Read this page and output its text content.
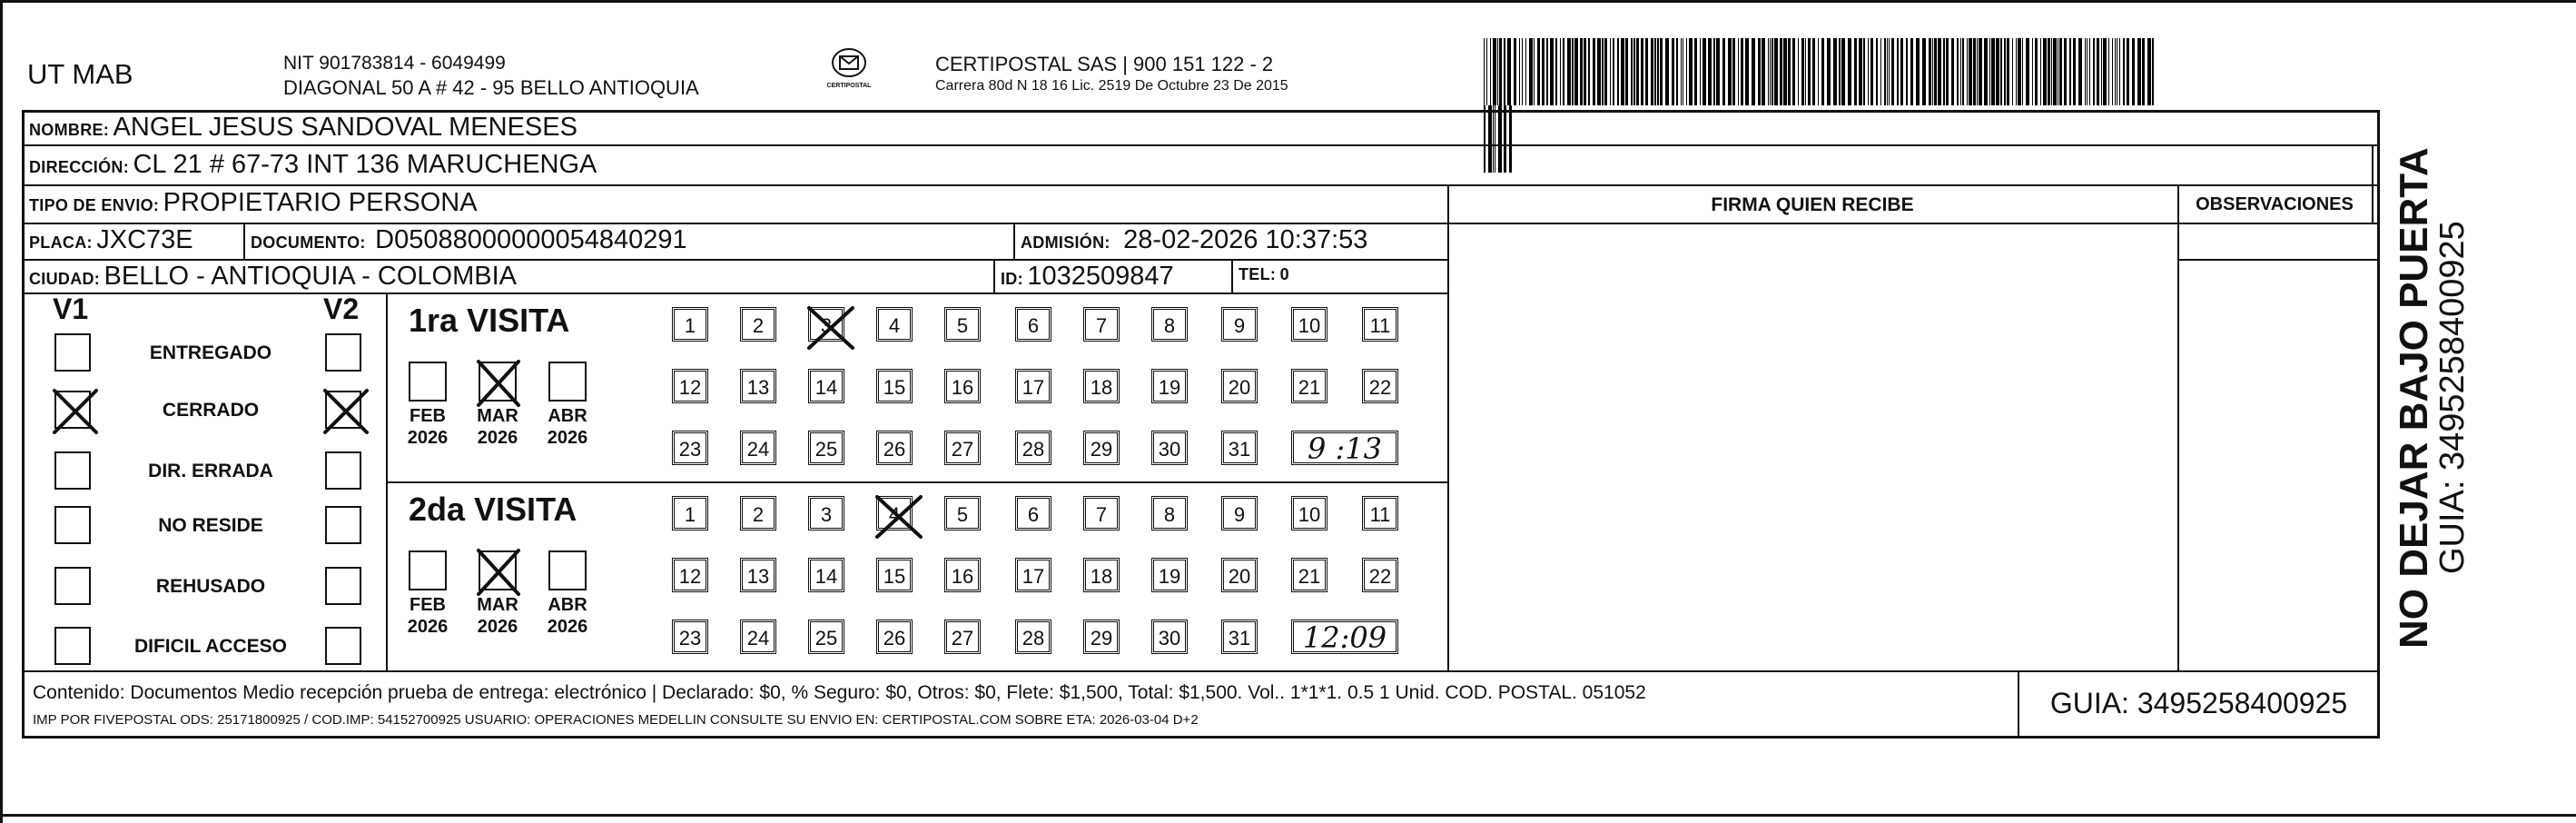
UT MAB	NIT 901783814 - 6049499
DIAGONAL 50 A # 42 - 95 BELLO ANTIOQUIA	CERTIPOSTAL
CERTIPOSTAL SAS | 900 151 122 - 2
Carrera 80d N 18 16 Lic. 2519 De Octubre 23 De 2015
NOMBRE: ANGEL JESUS SANDOVAL MENESES
DIRECCIÓN: CL 21 # 67-73 INT 136 MARUCHENGA
TIPO DE ENVIO: PROPIETARIO PERSONA	FIRMA QUIEN RECIBE	OBSERVACIONES
PLACA: JXC73E	DOCUMENTO: D05088000000054840291	ADMISIÓN: 28-02-2026 10:37:53
CIUDAD: BELLO - ANTIOQUIA - COLOMBIA	ID: 1032509847	TEL: 0
V1	V2
ENTREGADO
CERRADO
DIR. ERRADA
NO RESIDE
REHUSADO
DIFICIL ACCESO
1ra VISITA
FEB
2026
MAR
2026
ABR
2026
1	2	3	4	5	6	7	8	9	10	11
12	13	14	15	16	17	18	19	20	21	22
23	24	25	26	27	28	29	30	31	9 :13
2da VISITA
FEB
2026
MAR
2026
ABR
2026
1	2	3	4	5	6	7	8	9	10	11
12	13	14	15	16	17	18	19	20	21	22
23	24	25	26	27	28	29	30	31	12:09
Contenido: Documentos Medio recepción prueba de entrega: electrónico | Declarado: $0, % Seguro: $0, Otros: $0, Flete: $1,500, Total: $1,500. Vol.. 1*1*1. 0.5 1 Unid. COD. POSTAL. 051052
IMP POR FIVEPOSTAL ODS: 25171800925 / COD.IMP: 54152700925 USUARIO: OPERACIONES MEDELLIN CONSULTE SU ENVIO EN: CERTIPOSTAL.COM SOBRE ETA: 2026-03-04 D+2
GUIA: 3495258400925
NO DEJAR BAJO PUERTA
GUIA: 3495258400925
